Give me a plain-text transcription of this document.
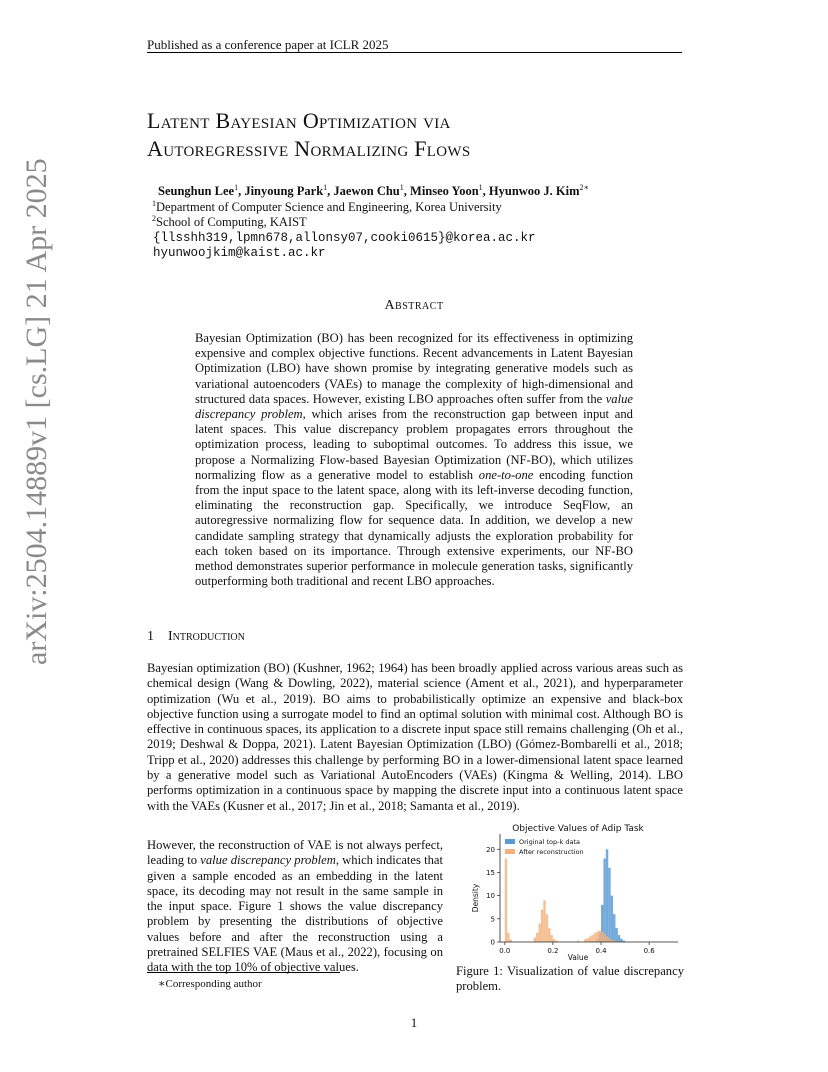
Published as a conference paper at ICLR 2025
arXiv:2504.14889v1 [cs.LG] 21 Apr 2025
Latent Bayesian Optimization via
Autoregressive Normalizing Flows
Seunghun Lee$^1$, Jinyoung Park$^1$, Jaewon Chu$^1$, Minseo Yoon$^1$, Hyunwoo J. Kim$^{2∗}$
$^1$Department of Computer Science and Engineering, Korea University
$^2$School of Computing, KAIST
{llsshh319,lpmn678,allonsy07,cooki0615}@korea.ac.kr
hyunwoojkim@kaist.ac.kr
Abstract
Bayesian Optimization (BO) has been recognized for its effectiveness in optimizing expensive and complex objective functions. Recent advancements in Latent Bayesian Optimization (LBO) have shown promise by integrating generative models such as variational autoencoders (VAEs) to manage the complexity of high-dimensional and structured data spaces. However, existing LBO approaches often suffer from the value discrepancy problem, which arises from the reconstruction gap between input and latent spaces. This value discrepancy problem propagates errors throughout the optimization process, leading to suboptimal outcomes. To address this issue, we propose a Normalizing Flow-based Bayesian Optimization (NF-BO), which utilizes normalizing flow as a generative model to establish one-to-one encoding function from the input space to the latent space, along with its left-inverse decoding function, eliminating the reconstruction gap. Specifically, we introduce SeqFlow, an autoregressive normalizing flow for sequence data. In addition, we develop a new candidate sampling strategy that dynamically adjusts the exploration probability for each token based on its importance. Through extensive experiments, our NF-BO method demonstrates superior performance in molecule generation tasks, significantly outperforming both traditional and recent LBO approaches.
1 Introduction
Bayesian optimization (BO) (Kushner, 1962; 1964) has been broadly applied across various areas such as chemical design (Wang & Dowling, 2022), material science (Ament et al., 2021), and hyperparameter optimization (Wu et al., 2019). BO aims to probabilistically optimize an expensive and black-box objective function using a surrogate model to find an optimal solution with minimal cost. Although BO is effective in continuous spaces, its application to a discrete input space still remains challenging (Oh et al., 2019; Deshwal & Doppa, 2021). Latent Bayesian Optimization (LBO) (Gómez-Bombarelli et al., 2018; Tripp et al., 2020) addresses this challenge by performing BO in a lower-dimensional latent space learned by a generative model such as Variational AutoEncoders (VAEs) (Kingma & Welling, 2014). LBO performs optimization in a continuous space by mapping the discrete input into a continuous latent space with the VAEs (Kusner et al., 2017; Jin et al., 2018; Samanta et al., 2019).
However, the reconstruction of VAE is not always perfect, leading to value discrepancy problem, which indicates that given a sample encoded as an embedding in the latent space, its decoding may not result in the same sample in the input space. Figure 1 shows the value discrepancy problem by presenting the distributions of objective values before and after the reconstruction using a pretrained SELFIES VAE (Maus et al., 2022), focusing on data with the top 10% of objective values.
Objective Values of Adip Task
0.0	0.2	0.4	0.6
0
5
10
15
20
Value
Density
Original top-k data
After reconstruction
Figure 1: Visualization of value discrepancy problem.
∗Corresponding author
1
